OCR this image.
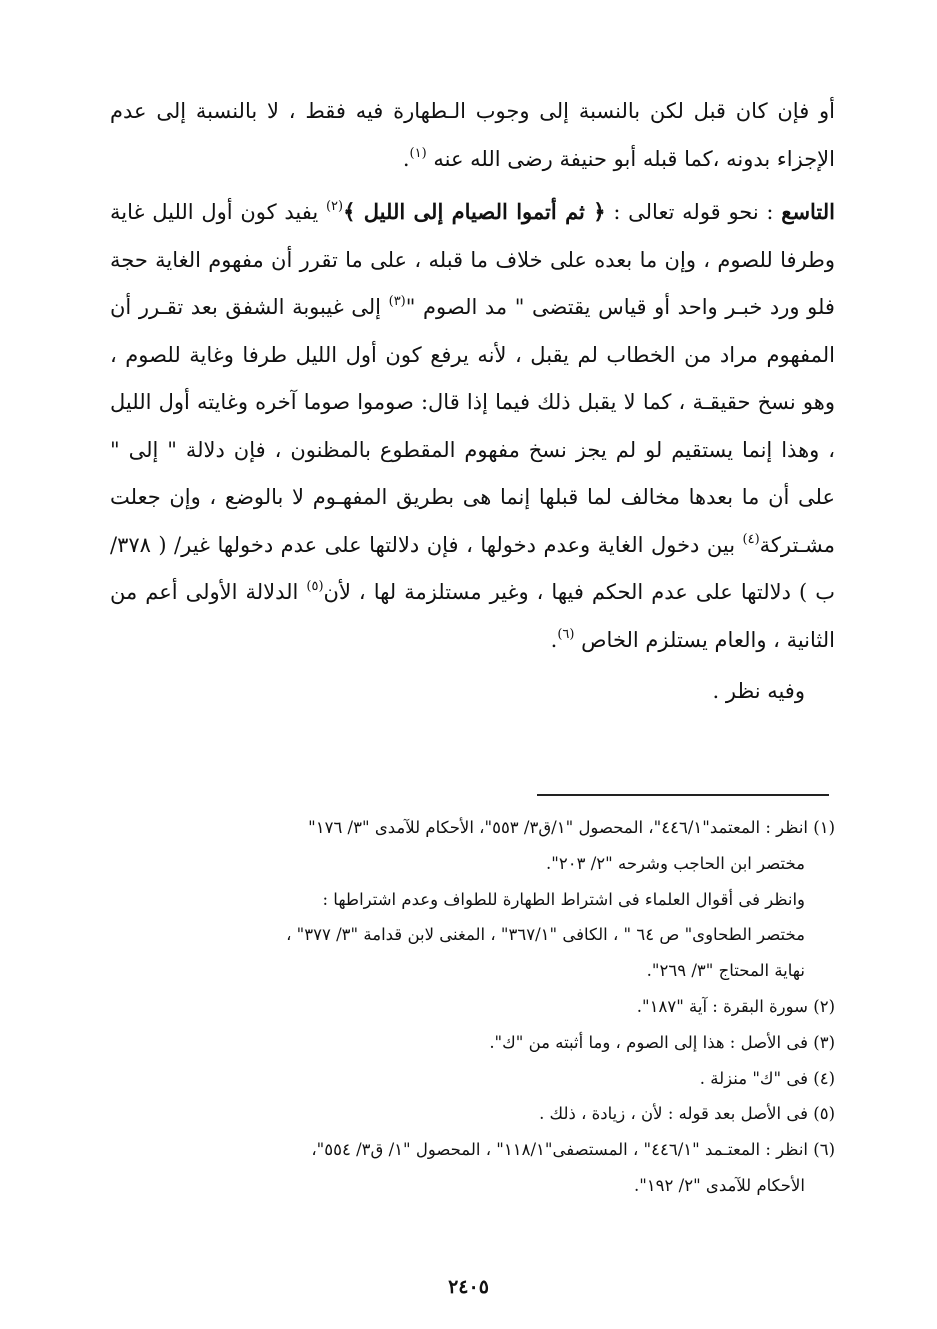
أو فإن كان قبل لكن بالنسبة إلى وجوب الـطهارة فيه فقط ، لا بالنسبة إلى عدم الإجزاء بدونه ،كما قبله أبو حنيفة رضى الله عنه $^{(١)}$.

التاسع : نحو قوله تعالى : ﴿ ثم أتموا الصيام إلى الليل ﴾$^{(٢)}$ يفيد كون أول الليل غاية وطرفا للصوم ، وإن ما بعده على خلاف ما قبله ، على ما تقرر أن مفهوم الغاية حجة فلو ورد خبـر واحد أو قياس يقتضى " مد الصوم "$^{(٣)}$ إلى غيبوبة الشفق بعد تقـرر أن المفهوم مراد من الخطاب لم يقبل ، لأنه يرفع كون أول الليل طرفا وغاية للصوم ، وهو نسخ حقيقـة ، كما لا يقبل ذلك فيما إذا قال: صوموا صوما آخره وغايته أول الليل ، وهذا إنما يستقيم لو لم يجز نسخ مفهوم المقطوع بالمظنون ، فإن دلالة " إلى " على أن ما بعدها مخالف لما قبلها إنما هى بطريق المفهـوم لا بالوضع ، وإن جعلت مشـتركة$^{(٤)}$ بين دخول الغاية وعدم دخولها ، فإن دلالتها على عدم دخولها غير/ ( ٣٧٨/ب ) دلالتها على عدم الحكم فيها ، وغير مستلزمة لها ، لأن$^{(٥)}$ الدلالة الأولى أعم من الثانية ، والعام يستلزم الخاص $^{(٦)}$.

وفيه نظر .

(١) انظر : المعتمد"٤٤٦/١"، المحصول "١/ق٣/ ٥٥٣"، الأحكام للآمدى "٣/ ١٧٦"
مختصر ابن الحاجب وشرحه "٢/ ٢٠٣".
وانظر فى أقوال العلماء فى اشتراط الطهارة للطواف وعدم اشتراطها :
مختصر الطحاوى" ص ٦٤ " ، الكافى "٣٦٧/١" ، المغنى لابن قدامة "٣/ ٣٧٧" ،
نهاية المحتاج "٣/ ٢٦٩".

(٢) سورة البقرة : آية "١٨٧".

(٣) فى الأصل : هذا إلى الصوم ، وما أثبته من "ك".

(٤) فى "ك" منزلة .

(٥) فى الأصل بعد قوله : لأن ، زيادة ، ذلك .

(٦) انظر : المعتـمد "٤٤٦/١" ، المستصفى"١١٨/١" ، المحصول "١/ ق٣/ ٥٥٤"،
الأحكام للآمدى "٢/ ١٩٢".

٢٤٠٥
